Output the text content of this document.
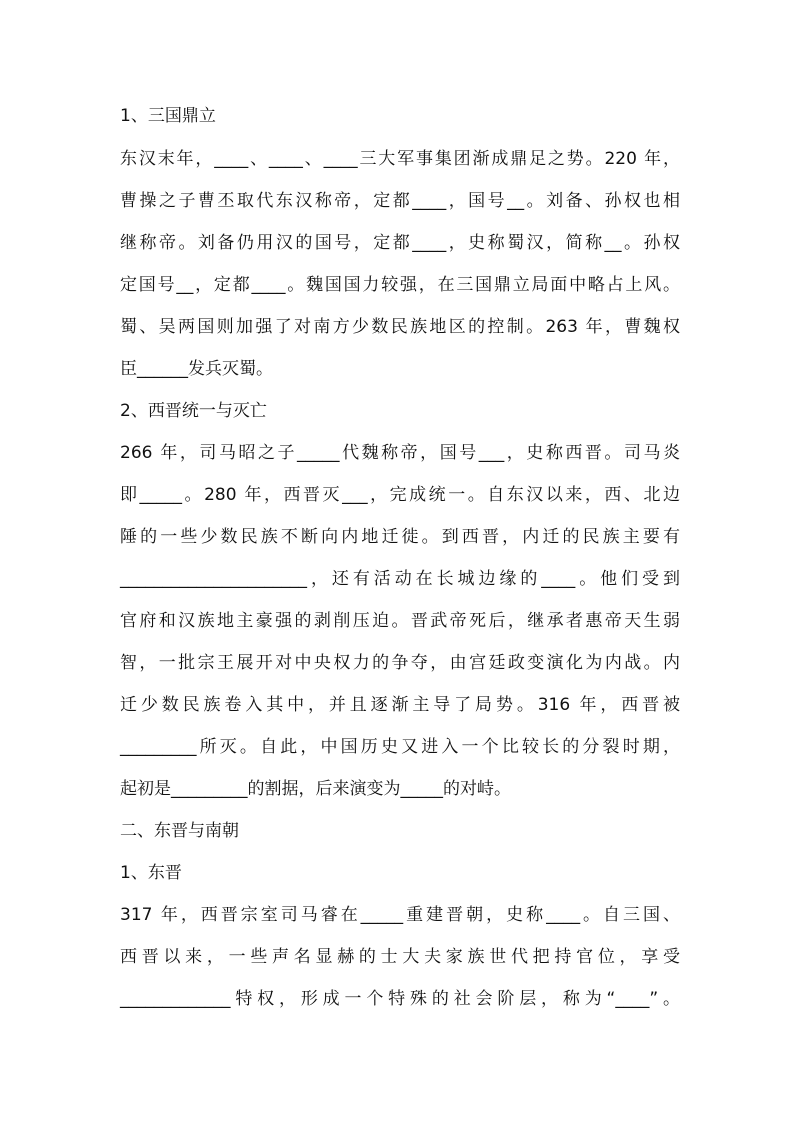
1、三国鼎立
东汉末年，____、____、____三大军事集团渐成鼎足之势。220 年，
曹操之子曹丕取代东汉称帝，定都____，国号__。刘备、孙权也相
继称帝。刘备仍用汉的国号，定都____，史称蜀汉，简称__。孙权
定国号__，定都____。魏国国力较强，在三国鼎立局面中略占上风。
蜀、吴两国则加强了对南方少数民族地区的控制。263 年，曹魏权
臣______发兵灭蜀。
2、西晋统一与灭亡
266 年，司马昭之子_____代魏称帝，国号___，史称西晋。司马炎
即_____。280 年，西晋灭___，完成统一。自东汉以来，西、北边
陲的一些少数民族不断向内地迁徙。到西晋，内迁的民族主要有
______________________，还有活动在长城边缘的____。他们受到
官府和汉族地主豪强的剥削压迫。晋武帝死后，继承者惠帝天生弱
智，一批宗王展开对中央权力的争夺，由宫廷政变演化为内战。内
迁少数民族卷入其中，并且逐渐主导了局势。316 年，西晋被
_________所灭。自此，中国历史又进入一个比较长的分裂时期，
起初是_________的割据，后来演变为_____的对峙。
二、东晋与南朝
1、东晋
317 年，西晋宗室司马睿在_____重建晋朝，史称____。自三国、
西晋以来，一些声名显赫的士大夫家族世代把持官位，享受
_____________特权，形成一个特殊的社会阶层，称为“____”。
